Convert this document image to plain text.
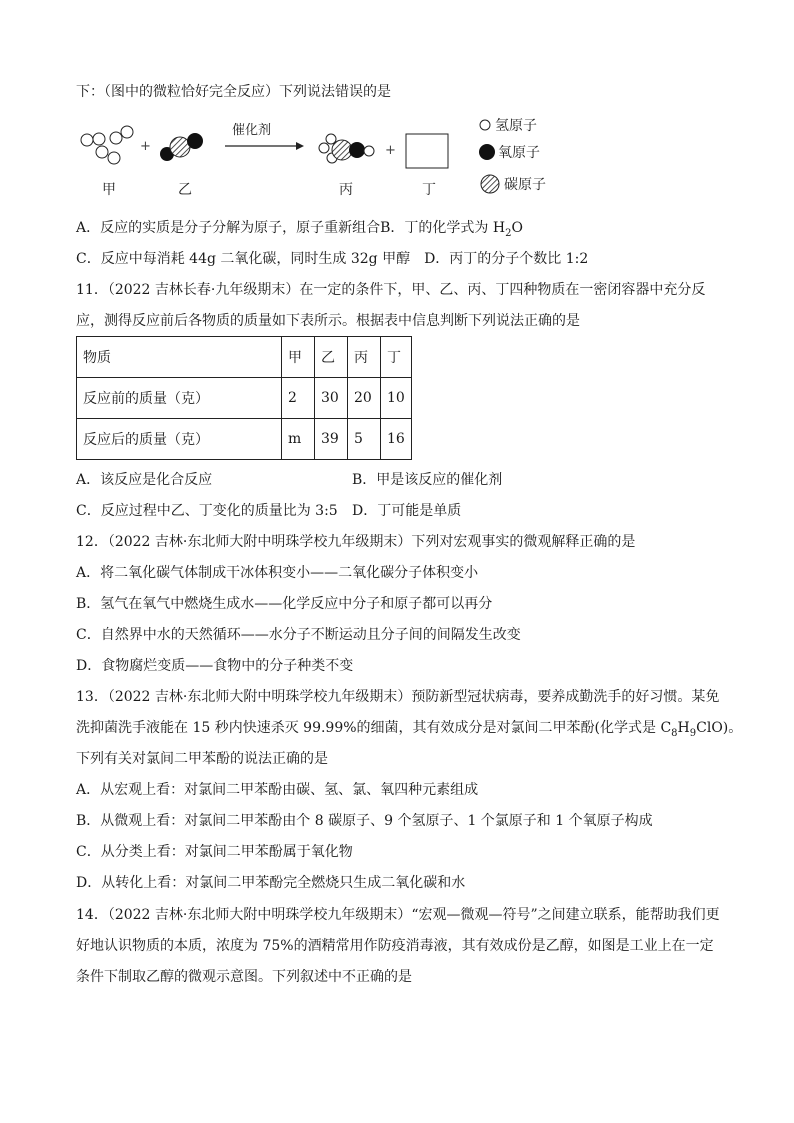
下：（图中的微粒恰好完全反应）下列说法错误的是
+
催化剂
+
甲	乙	丙	丁
氢原子
氧原子
碳原子
A．反应的实质是分子分解为原子，原子重新组合B．丁的化学式为 $H_2O$
C．反应中每消耗 44g 二氧化碳，同时生成 32g 甲醇 D．丙丁的分子个数比 1:2
11．（2022 吉林长春·九年级期末）在一定的条件下，甲、乙、丙、丁四种物质在一密闭容器中充分反
应，测得反应前后各物质的质量如下表所示。根据表中信息判断下列说法正确的是
物质	甲	乙	丙	丁
反应前的质量（克）	2	30	20	10
反应后的质量（克）	m	39	5	16
A．该反应是化合反应	B．甲是该反应的催化剂
C．反应过程中乙、丁变化的质量比为 3:5 D．丁可能是单质
12．（2022 吉林·东北师大附中明珠学校九年级期末）下列对宏观事实的微观解释正确的是
A．将二氧化碳气体制成干冰体积变小——二氧化碳分子体积变小
B．氢气在氧气中燃烧生成水——化学反应中分子和原子都可以再分
C．自然界中水的天然循环——水分子不断运动且分子间的间隔发生改变
D．食物腐烂变质——食物中的分子种类不变
13．（2022 吉林·东北师大附中明珠学校九年级期末）预防新型冠状病毒，要养成勤洗手的好习惯。某免
洗抑菌洗手液能在 15 秒内快速杀灭 99.99%的细菌，其有效成分是对氯间二甲苯酚(化学式是 $C_8H_9ClO$)。
下列有关对氯间二甲苯酚的说法正确的是
A．从宏观上看：对氯间二甲苯酚由碳、氢、氯、氧四种元素组成
B．从微观上看：对氯间二甲苯酚由个 8 碳原子、9 个氢原子、1 个氯原子和 1 个氧原子构成
C．从分类上看：对氯间二甲苯酚属于氧化物
D．从转化上看：对氯间二甲苯酚完全燃烧只生成二氧化碳和水
14．（2022 吉林·东北师大附中明珠学校九年级期末）“宏观—微观—符号”之间建立联系，能帮助我们更
好地认识物质的本质，浓度为 75%的酒精常用作防疫消毒液，其有效成份是乙醇，如图是工业上在一定
条件下制取乙醇的微观示意图。下列叙述中不正确的是
